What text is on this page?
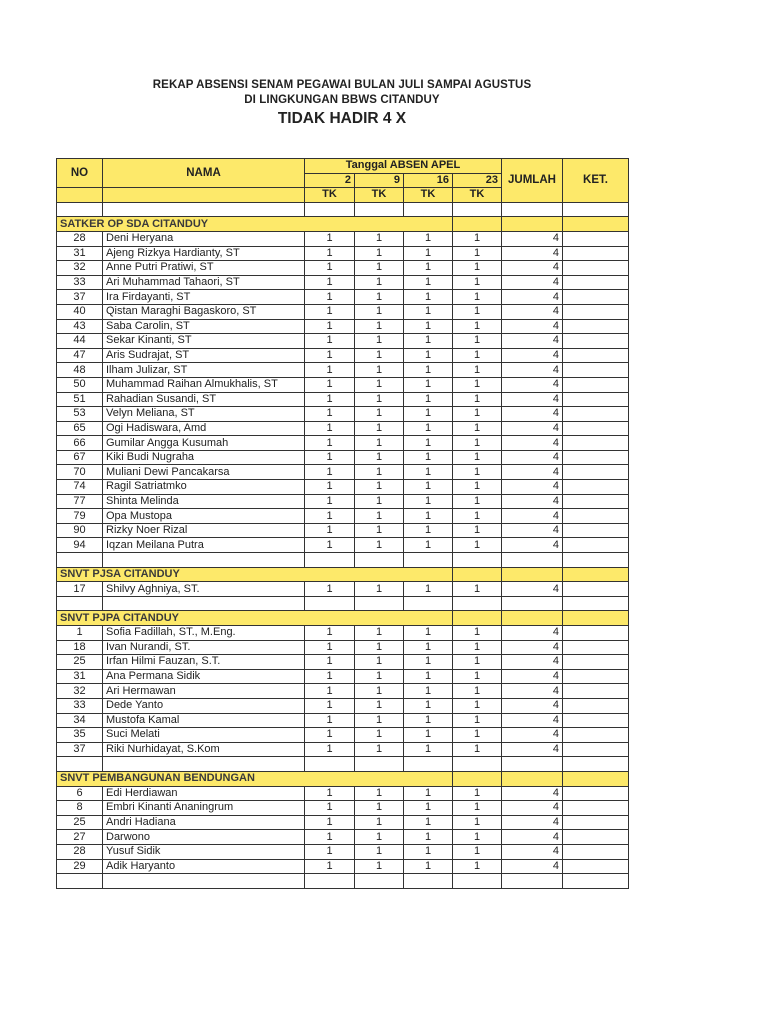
REKAP ABSENSI SENAM PEGAWAI BULAN JULI SAMPAI AGUSTUS
DI LINGKUNGAN BBWS CITANDUY
TIDAK HADIR 4 X
NO	NAMA	Tanggal ABSEN APEL				JUMLAH	KET.
		2	9	16	23		
		TK	TK	TK	TK		

SATKER OP SDA CITANDUY							
28	Deni Heryana	1	1	1	1	4	
31	Ajeng Rizkya Hardianty, ST	1	1	1	1	4	
32	Anne Putri Pratiwi, ST	1	1	1	1	4	
33	Ari Muhammad Tahaori, ST	1	1	1	1	4	
37	Ira Firdayanti, ST	1	1	1	1	4	
40	Qistan Maraghi Bagaskoro, ST	1	1	1	1	4	
43	Saba Carolin, ST	1	1	1	1	4	
44	Sekar Kinanti, ST	1	1	1	1	4	
47	Aris Sudrajat, ST	1	1	1	1	4	
48	Ilham Julizar, ST	1	1	1	1	4	
50	Muhammad Raihan Almukhalis, ST	1	1	1	1	4	
51	Rahadian Susandi, ST	1	1	1	1	4	
53	Velyn Meliana, ST	1	1	1	1	4	
65	Ogi Hadiswara, Amd	1	1	1	1	4	
66	Gumilar Angga Kusumah	1	1	1	1	4	
67	Kiki Budi Nugraha	1	1	1	1	4	
70	Muliani Dewi Pancakarsa	1	1	1	1	4	
74	Ragil Satriatmko	1	1	1	1	4	
77	Shinta Melinda	1	1	1	1	4	
79	Opa Mustopa	1	1	1	1	4	
90	Rizky Noer Rizal	1	1	1	1	4	
94	Iqzan Meilana Putra	1	1	1	1	4	

SNVT PJSA CITANDUY							
17	Shilvy Aghniya, ST.	1	1	1	1	4	

SNVT PJPA CITANDUY							
1	Sofia Fadillah, ST., M.Eng.	1	1	1	1	4	
18	Ivan Nurandi, ST.	1	1	1	1	4	
25	Irfan Hilmi Fauzan, S.T.	1	1	1	1	4	
31	Ana Permana Sidik	1	1	1	1	4	
32	Ari Hermawan	1	1	1	1	4	
33	Dede Yanto	1	1	1	1	4	
34	Mustofa Kamal	1	1	1	1	4	
35	Suci Melati	1	1	1	1	4	
37	Riki Nurhidayat, S.Kom	1	1	1	1	4	

SNVT PEMBANGUNAN BENDUNGAN							
6	Edi Herdiawan	1	1	1	1	4	
8	Embri Kinanti Ananingrum	1	1	1	1	4	
25	Andri Hadiana	1	1	1	1	4	
27	Darwono	1	1	1	1	4	
28	Yusuf Sidik	1	1	1	1	4	
29	Adik Haryanto	1	1	1	1	4	
